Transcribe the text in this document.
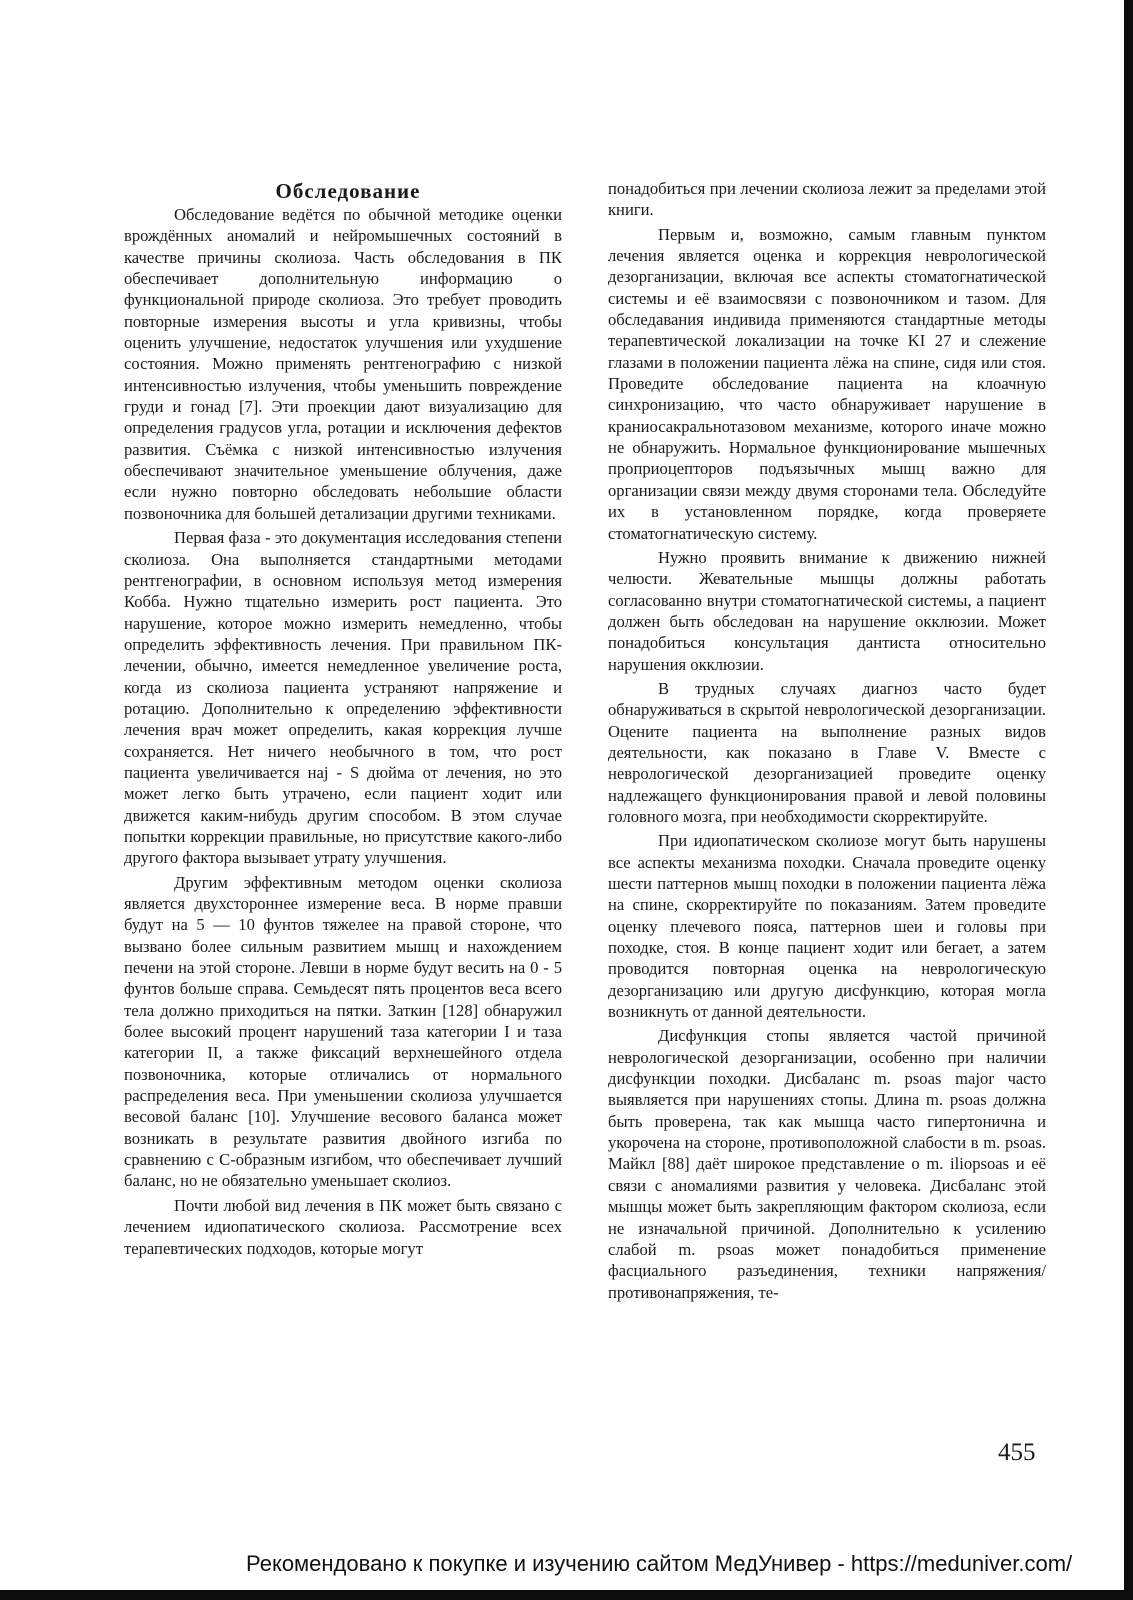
Обследование

Обследование ведётся по обычной методике оценки врождённых аномалий и нейромышечных состояний в качестве причины сколиоза. Часть обследования в ПК обеспечивает дополнительную информацию о функциональной природе сколиоза. Это требует проводить повторные измерения высоты и угла кривизны, чтобы оценить улучшение, недостаток улучшения или ухудшение состояния. Можно применять рентгенографию с низкой интенсивностью излучения, чтобы уменьшить повреждение груди и гонад [7]. Эти проекции дают визуализацию для определения градусов угла, ротации и исключения дефектов развития. Съёмка с низкой интенсивностью излучения обеспечивают значительное уменьшение облучения, даже если нужно повторно обследовать небольшие области позвоночника для большей детализации другими техниками.

Первая фаза - это документация исследования степени сколиоза. Она выполняется стандартными методами рентгенографии, в основном используя метод измерения Кобба. Нужно тщательно измерить рост пациента. Это нарушение, которое можно измерить немедленно, чтобы определить эффективность лечения. При правильном ПК-лечении, обычно, имеется немедленное увеличение роста, когда из сколиоза пациента устраняют напряжение и ротацию. Дополнительно к определению эффективности лечения врач может определить, какая коррекция лучше сохраняется. Нет ничего необычного в том, что рост пациента увеличивается наj - S дюйма от лечения, но это может легко быть утрачено, если пациент ходит или движется каким-нибудь другим способом. В этом случае попытки коррекции правильные, но присутствие какого-либо другого фактора вызывает утрату улучшения.

Другим эффективным методом оценки сколиоза является двухстороннее измерение веса. В норме правши будут на 5 — 10 фунтов тяжелее на правой стороне, что вызвано более сильным развитием мышц и нахождением печени на этой стороне. Левши в норме будут весить на 0 - 5 фунтов больше справа. Семьдесят пять процентов веса всего тела должно приходиться на пятки. Заткин [128] обнаружил более высокий процент нарушений таза категории I и таза категории II, а также фиксаций верхнешейного отдела позвоночника, которые отличались от нормального распределения веса. При уменьшении сколиоза улучшается весовой баланс [10]. Улучшение весового баланса может возникать в результате развития двойного изгиба по сравнению с С-образным изгибом, что обеспечивает лучший баланс, но не обязательно уменьшает сколиоз.

Почти любой вид лечения в ПК может быть связано с лечением идиопатического сколиоза. Рассмотрение всех терапевтических подходов, которые могут

понадобиться при лечении сколиоза лежит за пределами этой книги.

Первым и, возможно, самым главным пунктом лечения является оценка и коррекция неврологической дезорганизации, включая все аспекты стоматогнатической системы и её взаимосвязи с позвоночником и тазом. Для обследавания индивида применяются стандартные методы терапевтической локализации на точке KI 27 и слежение глазами в положении пациента лёжа на спине, сидя или стоя. Проведите обследование пациента на клоачную синхронизацию, что часто обнаруживает нарушение в краниосакральнотазовом механизме, которого иначе можно не обнаружить. Нормальное функционирование мышечных проприоцепторов подъязычных мышц важно для организации связи между двумя сторонами тела. Обследуйте их в установленном порядке, когда проверяете стоматогнатическую систему.

Нужно проявить внимание к движению нижней челюсти. Жевательные мышцы должны работать согласованно внутри стоматогнатической системы, а пациент должен быть обследован на нарушение окклюзии. Может понадобиться консультация дантиста относительно нарушения окклюзии.

В трудных случаях диагноз часто будет обнаруживаться в скрытой неврологической дезорганизации. Оцените пациента на выполнение разных видов деятельности, как показано в Главе V. Вместе с неврологической дезорганизацией проведите оценку надлежащего функционирования правой и левой половины головного мозга, при необходимости скорректируйте.

При идиопатическом сколиозе могут быть нарушены все аспекты механизма походки. Сначала проведите оценку шести паттернов мышц походки в положении пациента лёжа на спине, скорректируйте по показаниям. Затем проведите оценку плечевого пояса, паттернов шеи и головы при походке, стоя. В конце пациент ходит или бегает, а затем проводится повторная оценка на неврологическую дезорганизацию или другую дисфункцию, которая могла возникнуть от данной деятельности.

Дисфункция стопы является частой причиной неврологической дезорганизации, особенно при наличии дисфункции походки. Дисбаланс m. psoas major часто выявляется при нарушениях стопы. Длина m. psoas должна быть проверена, так как мышца часто гипертонична и укорочена на стороне, противоположной слабости в m. psoas. Майкл [88] даёт широкое представление о m. iliopsoas и её связи с аномалиями развития у человека. Дисбаланс этой мышцы может быть закрепляющим фактором сколиоза, если не изначальной причиной. Дополнительно к усилению слабой m. psoas может понадобиться применение фасциального разъединения, техники напряжения/противонапряжения, те-

455
Рекомендовано к покупке и изучению сайтом МедУнивер - https://meduniver.com/
